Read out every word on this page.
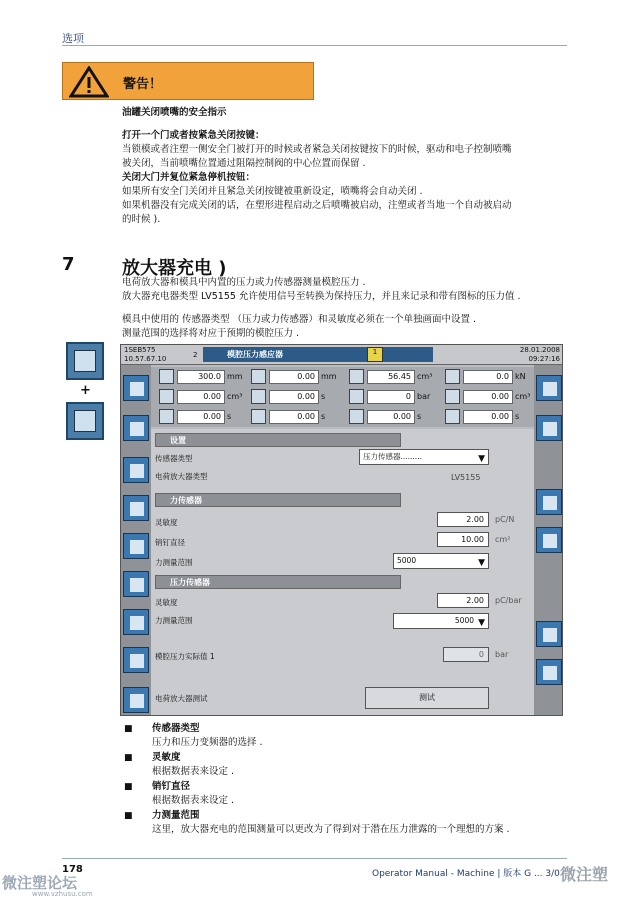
选项
警告！
油罐关闭喷嘴的安全指示
打开一个门或者按紧急关闭按键：
当锁模或者注塑一侧安全门被打开的时候或者紧急关闭按键按下的时候，驱动和电子控制喷嘴
被关闭，当前喷嘴位置通过阻隔控制阀的中心位置而保留 .
关闭大门并复位紧急停机按钮：
如果所有安全门关闭并且紧急关闭按键被重新设定，喷嘴将会自动关闭 .
如果机器没有完成关闭的话，在塑形进程启动之后喷嘴被启动，注塑或者当地一个自动被启动
的时候 ).
7	放大器充电 )
电荷放大器和模具中内置的压力或力传感器测量模腔压力 .
放大器充电器类型 LV5155 允许使用信号至转换为保持压力，并且来记录和带有图标的压力值 .
模具中使用的 传感器类型 （压力或力传感器）和灵敏度必须在一个单独画面中设置 .
测量范围的选择将对应于预期的模腔压力 .
+
1SEB575
10.57.67.10	2	模腔压力感应器	1	28.01.2008
09:27:16
300.0 mm	0.00 mm	56.45 cm³	0.0 kN
0.00 cm³	0.00 s	0 bar	0.00 cm³
0.00 s	0.00 s	0.00 s	0.00 s
设置
传感器类型	压力传感器.........	▼
电荷放大器类型	LV5155
力传感器
灵敏度	2.00	pC/N
销钉直径	10.00	cm²
力测量范围	5000	▼
压力传感器
灵敏度	2.00	pC/bar
力测量范围	5000 ▼
模腔压力实际值 1	0	bar
电荷放大器测试	测试
■ 传感器类型
压力和压力变频器的选择 .
■ 灵敏度
根据数据表来设定 .
■ 销钉直径
根据数据表来设定 .
■ 力测量范围
这里，放大器充电的范围测量可以更改为了得到对于潜在压力泄露的一个理想的方案 .
178	Operator Manual - Machine | 版本 G ... 3/0
微注塑论坛
www.vzhusu.com
微注塑
